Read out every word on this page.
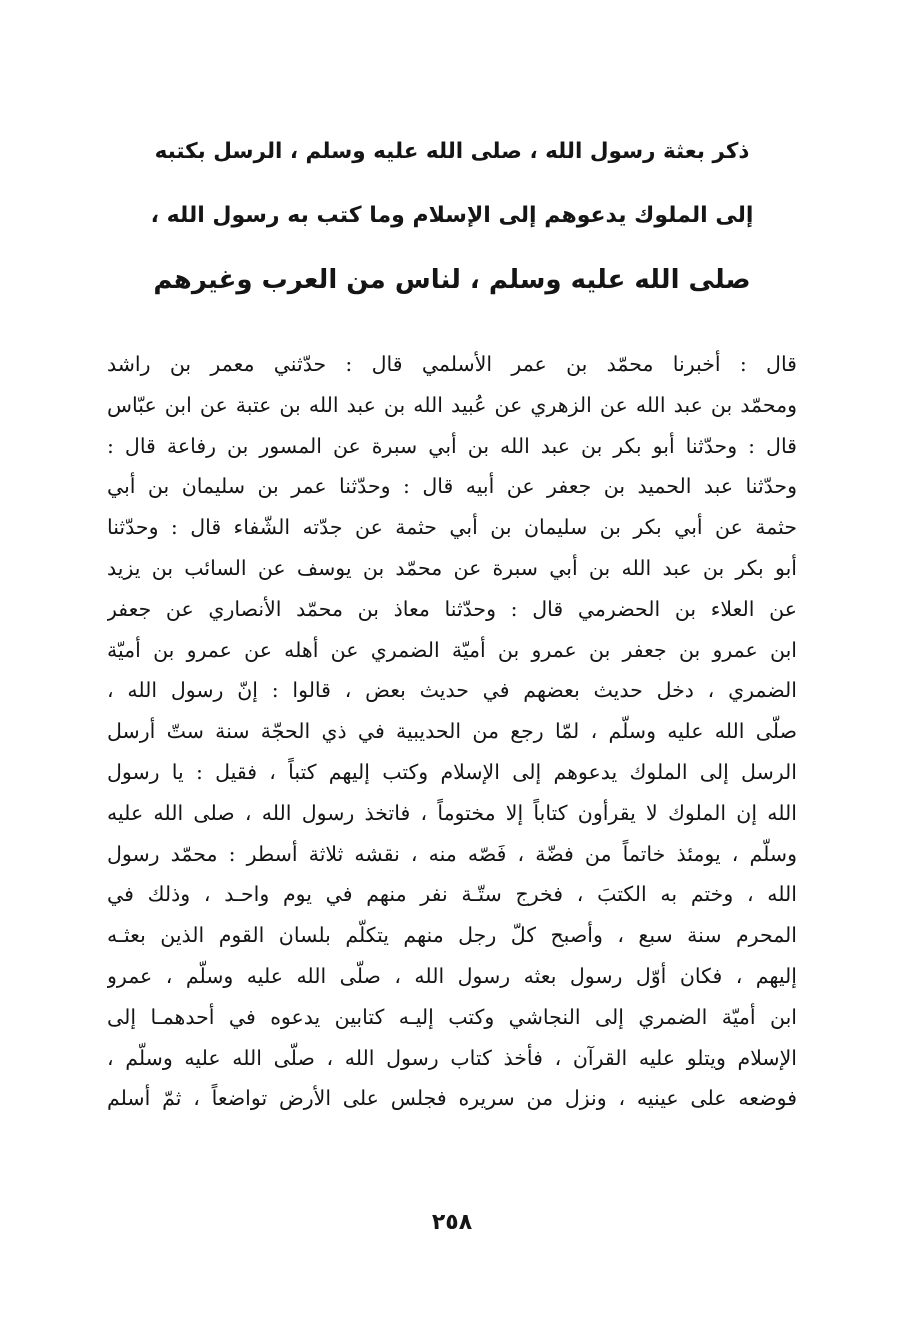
ذكر بعثة رسول الله ، صلى الله عليه وسلم ، الرسل بكتبه
إلى الملوك يدعوهم إلى الإسلام وما كتب به رسول الله ،
صلى الله عليه وسلم ، لناس من العرب وغيرهم
قال : أخبرنا محمّد بن عمر الأسلمي قال : حدّثني معمر بن راشد
ومحمّد بن عبد الله عن الزهري عن عُبيد الله بن عبد الله بن عتبة عن ابن عبّاس
قال : وحدّثنا أبو بكر بن عبد الله بن أبي سبرة عن المسور بن رفاعة قال :
وحدّثنا عبد الحميد بن جعفر عن أبيه قال : وحدّثنا عمر بن سليمان بن أبي
حثمة عن أبي بكر بن سليمان بن أبي حثمة عن جدّته الشّفاء قال : وحدّثنا
أبو بكر بن عبد الله بن أبي سبرة عن محمّد بن يوسف عن السائب بن يزيد
عن العلاء بن الحضرمي قال : وحدّثنا معاذ بن محمّد الأنصاري عن جعفر
ابن عمرو بن جعفر بن عمرو بن أميّة الضمري عن أهله عن عمرو بن أميّة
الضمري ، دخل حديث بعضهم في حديث بعض ، قالوا : إنّ رسول الله ،
صلّى الله عليه وسلّم ، لمّا رجع من الحديبية في ذي الحجّة سنة ستّ أرسل
الرسل إلى الملوك يدعوهم إلى الإسلام وكتب إليهم كتباً ، فقيل : يا رسول
الله إن الملوك لا يقرأون كتاباً إلا مختوماً ، فاتخذ رسول الله ، صلى الله عليه
وسلّم ، يومئذ خاتماً من فضّة ، فَصّه منه ، نقشه ثلاثة أسطر : محمّد رسول
الله ، وختم به الكتبَ ، فخرج ستّـة نفر منهم في يوم واحـد ، وذلك في
المحرم سنة سبع ، وأصبح كلّ رجل منهم يتكلّم بلسان القوم الذين بعثـه
إليهم ، فكان أوّل رسول بعثه رسول الله ، صلّى الله عليه وسلّم ، عمرو
ابن أميّة الضمري إلى النجاشي وكتب إليـه كتابين يدعوه في أحدهمـا إلى
الإسلام ويتلو عليه القرآن ، فأخذ كتاب رسول الله ، صلّى الله عليه وسلّم ،
فوضعه على عينيه ، ونزل من سريره فجلس على الأرض تواضعاً ، ثمّ أسلم
٢٥٨
